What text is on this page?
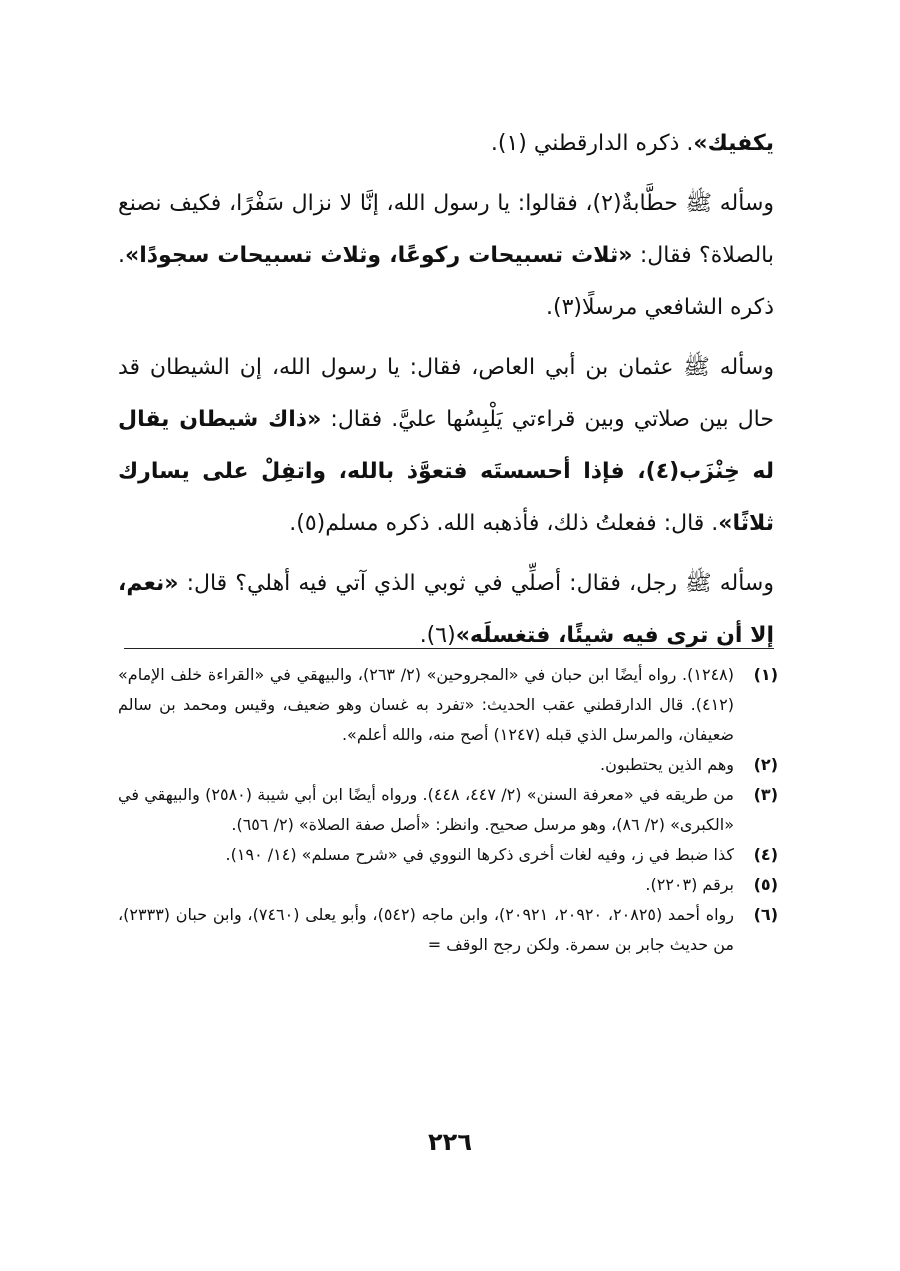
يكفيك». ذكره الدارقطني (١).

وسأله ﷺ حطَّابةٌ(٢)، فقالوا: يا رسول الله، إنَّا لا نزال سَفْرًا، فكيف نصنع بالصلاة؟ فقال: «ثلاث تسبيحات ركوعًا، وثلاث تسبيحات سجودًا». ذكره الشافعي مرسلًا(٣).

وسأله ﷺ عثمان بن أبي العاص، فقال: يا رسول الله، إن الشيطان قد حال بين صلاتي وبين قراءتي يَلْبِسُها عليَّ. فقال: «ذاك شيطان يقال له خِنْزَب(٤)، فإذا أحسستَه فتعوَّذ بالله، واتفِلْ على يسارك ثلاثًا». قال: ففعلتُ ذلك، فأذهبه الله. ذكره مسلم(٥).

وسأله ﷺ رجل، فقال: أصلِّي في ثوبي الذي آتي فيه أهلي؟ قال: «نعم، إلا أن ترى فيه شيئًا، فتغسلَه»(٦).

(١)
(١٢٤٨). رواه أيضًا ابن حبان في «المجروحين» (٢/ ٢٦٣)، والبيهقي في «القراءة خلف الإمام» (٤١٢). قال الدارقطني عقب الحديث: «تفرد به غسان وهو ضعيف، وقيس ومحمد بن سالم ضعيفان، والمرسل الذي قبله (١٢٤٧) أصح منه، والله أعلم».
(٢)
وهم الذين يحتطبون.
(٣)
من طريقه في «معرفة السنن» (٢/ ٤٤٧، ٤٤٨). ورواه أيضًا ابن أبي شيبة (٢٥٨٠) والبيهقي في «الكبرى» (٢/ ٨٦)، وهو مرسل صحيح. وانظر: «أصل صفة الصلاة» (٢/ ٦٥٦).
(٤)
كذا ضبط في ز، وفيه لغات أخرى ذكرها النووي في «شرح مسلم» (١٤/ ١٩٠).
(٥)
برقم (٢٢٠٣).
(٦)
رواه أحمد (٢٠٨٢٥، ٢٠٩٢٠، ٢٠٩٢١)، وابن ماجه (٥٤٢)، وأبو يعلى (٧٤٦٠)، وابن حبان (٢٣٣٣)، من حديث جابر بن سمرة. ولكن رجح الوقف =
٢٢٦
